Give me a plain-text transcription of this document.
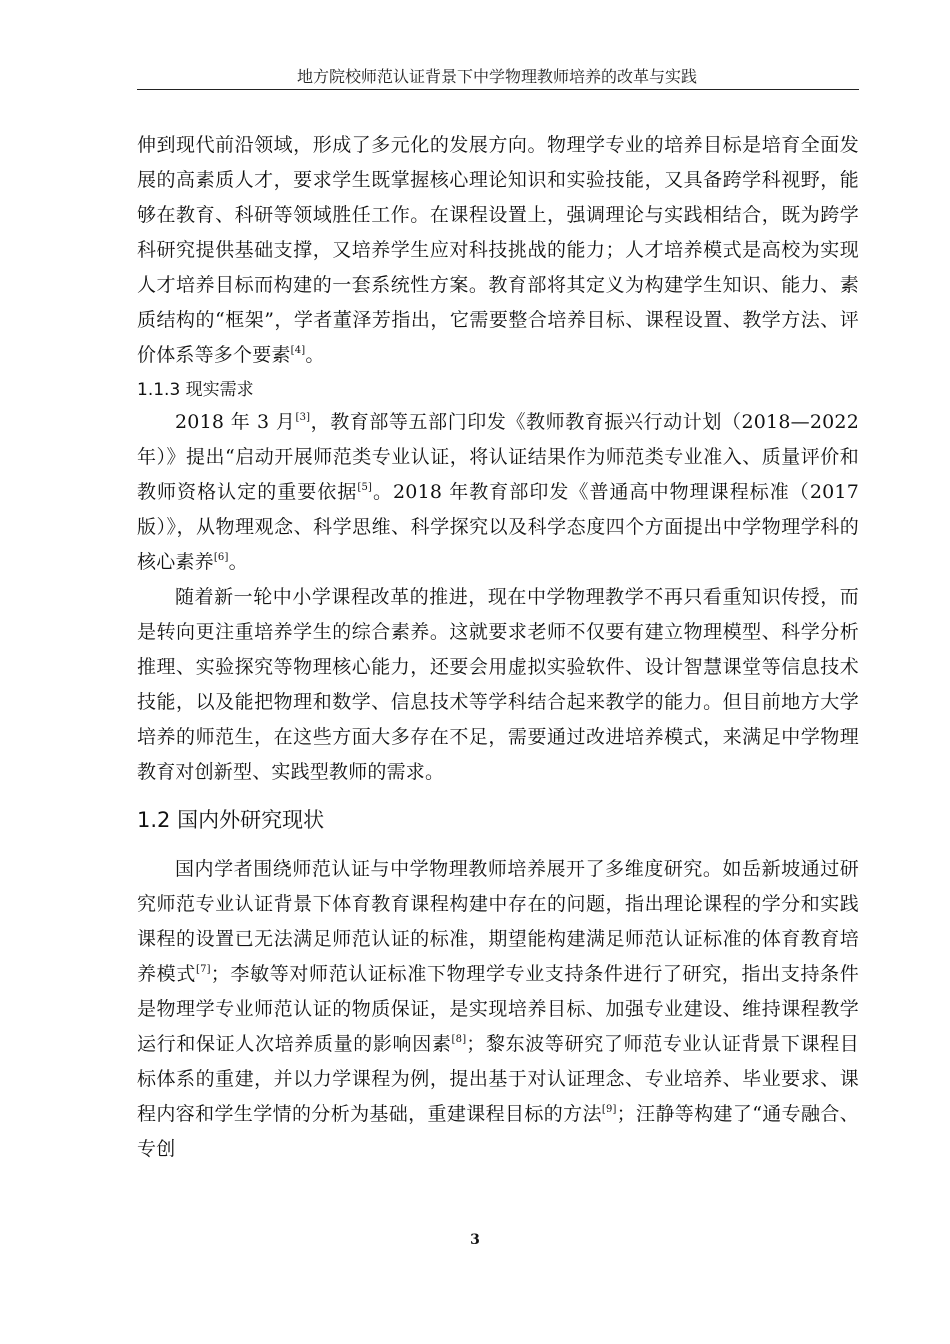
地方院校师范认证背景下中学物理教师培养的改革与实践

伸到现代前沿领域，形成了多元化的发展方向。物理学专业的培养目标是培育全面发展的高素质人才，要求学生既掌握核心理论知识和实验技能，又具备跨学科视野，能够在教育、科研等领域胜任工作。在课程设置上，强调理论与实践相结合，既为跨学科研究提供基础支撑，又培养学生应对科技挑战的能力；人才培养模式是高校为实现人才培养目标而构建的一套系统性方案。教育部将其定义为构建学生知识、能力、素质结构的“框架”，学者董泽芳指出，它需要整合培养目标、课程设置、教学方法、评价体系等多个要素[4]。

1.1.3 现实需求

2018 年 3 月[3]，教育部等五部门印发《教师教育振兴行动计划（2018—2022 年）》提出“启动开展师范类专业认证，将认证结果作为师范类专业准入、质量评价和教师资格认定的重要依据[5]。2018 年教育部印发《普通高中物理课程标准（2017 版）》，从物理观念、科学思维、科学探究以及科学态度四个方面提出中学物理学科的核心素养[6]。

随着新一轮中小学课程改革的推进，现在中学物理教学不再只看重知识传授，而是转向更注重培养学生的综合素养。这就要求老师不仅要有建立物理模型、科学分析推理、实验探究等物理核心能力，还要会用虚拟实验软件、设计智慧课堂等信息技术技能，以及能把物理和数学、信息技术等学科结合起来教学的能力。但目前地方大学培养的师范生，在这些方面大多存在不足，需要通过改进培养模式，来满足中学物理教育对创新型、实践型教师的需求。

1.2 国内外研究现状

国内学者围绕师范认证与中学物理教师培养展开了多维度研究。如岳新坡通过研究师范专业认证背景下体育教育课程构建中存在的问题，指出理论课程的学分和实践课程的设置已无法满足师范认证的标准，期望能构建满足师范认证标准的体育教育培养模式[7]；李敏等对师范认证标准下物理学专业支持条件进行了研究，指出支持条件是物理学专业师范认证的物质保证，是实现培养目标、加强专业建设、维持课程教学运行和保证人次培养质量的影响因素[8]；黎东波等研究了师范专业认证背景下课程目标体系的重建，并以力学课程为例，提出基于对认证理念、专业培养、毕业要求、课程内容和学生学情的分析为基础，重建课程目标的方法[9]；汪静等构建了“通专融合、专创

3
